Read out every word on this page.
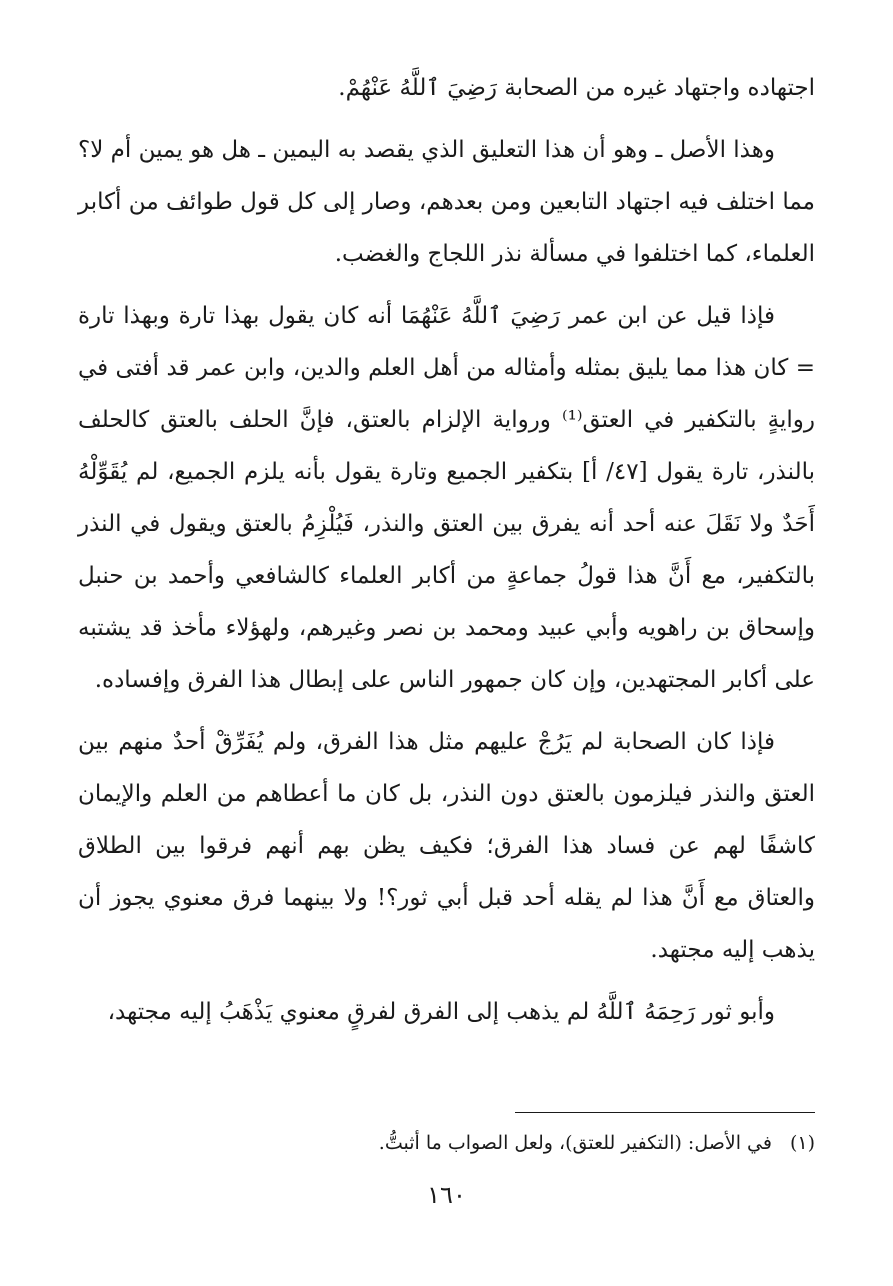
اجتهاده واجتهاد غيره من الصحابة رَضِيَ ٱللَّهُ عَنْهُمْ.

وهذا الأصل ـ وهو أن هذا التعليق الذي يقصد به اليمين ـ هل هو يمين أم لا؟ مما اختلف فيه اجتهاد التابعين ومن بعدهم، وصار إلى كل قول طوائف من أكابر العلماء، كما اختلفوا في مسألة نذر اللجاج والغضب.

فإذا قيل عن ابن عمر رَضِيَ ٱللَّهُ عَنْهُمَا أنه كان يقول بهذا تارة وبهذا تارة = كان هذا مما يليق بمثله وأمثاله من أهل العلم والدين، وابن عمر قد أفتى في روايةٍ بالتكفير في العتق⁽¹⁾ ورواية الإلزام بالعتق، فإنَّ الحلف بالعتق كالحلف بالنذر، تارة يقول [٤٧/ أ] بتكفير الجميع وتارة يقول بأنه يلزم الجميع، لم يُقَوِّلْهُ أَحَدٌ ولا نَقَلَ عنه أحد أنه يفرق بين العتق والنذر، فَيُلْزِمُ بالعتق ويقول في النذر بالتكفير، مع أَنَّ هذا قولُ جماعةٍ من أكابر العلماء كالشافعي وأحمد بن حنبل وإسحاق بن راهويه وأبي عبيد ومحمد بن نصر وغيرهم، ولهؤلاء مأخذ قد يشتبه على أكابر المجتهدين، وإن كان جمهور الناس على إبطال هذا الفرق وإفساده.

فإذا كان الصحابة لم يَرُجْ عليهم مثل هذا الفرق، ولم يُفَرِّقْ أحدٌ منهم بين العتق والنذر فيلزمون بالعتق دون النذر، بل كان ما أعطاهم من العلم والإيمان كاشفًا لهم عن فساد هذا الفرق؛ فكيف يظن بهم أنهم فرقوا بين الطلاق والعتاق مع أَنَّ هذا لم يقله أحد قبل أبي ثور؟! ولا بينهما فرق معنوي يجوز أن يذهب إليه مجتهد.

وأبو ثور رَحِمَهُ ٱللَّهُ لم يذهب إلى الفرق لفرقٍ معنوي يَذْهَبُ إليه مجتهد،

(١)في الأصل: (التكفير للعتق)، ولعل الصواب ما أثبتُّ.
١٦٠
